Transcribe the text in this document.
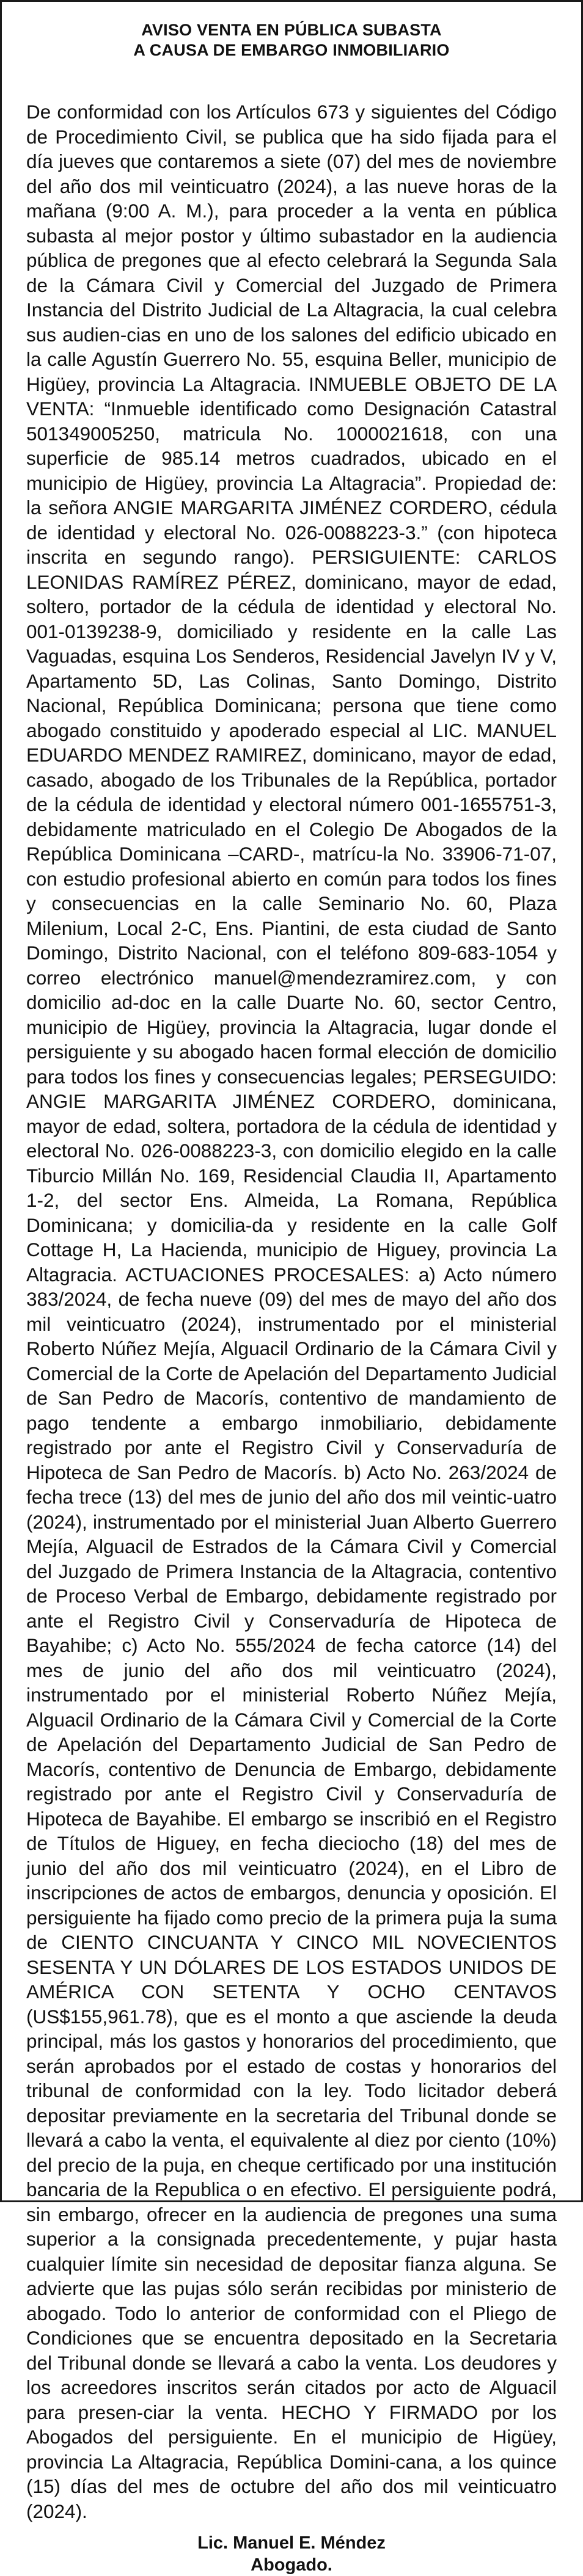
AVISO VENTA EN PÚBLICA SUBASTA
A CAUSA DE EMBARGO INMOBILIARIO

De conformidad con los Artículos 673 y siguientes del Código de Procedimiento Civil, se publica que ha sido fijada para el día jueves que contaremos a siete (07) del mes de noviembre del año dos mil veinticuatro (2024), a las nueve horas de la mañana (9:00 A. M.), para proceder a la venta en pública subasta al mejor postor y último subastador en la audiencia pública de pregones que al efecto celebrará la Segunda Sala de la Cámara Civil y Comercial del Juzgado de Primera Instancia del Distrito Judicial de La Altagracia, la cual celebra sus audien-cias en uno de los salones del edificio ubicado en la calle Agustín Guerrero No. 55, esquina Beller, municipio de Higüey, provincia La Altagracia. INMUEBLE OBJETO DE LA VENTA: “Inmueble identificado como Designación Catastral 501349005250, matricula No. 1000021618, con una superficie de 985.14 metros cuadrados, ubicado en el municipio de Higüey, provincia La Altagracia”. Propiedad de: la señora ANGIE MARGARITA JIMÉNEZ CORDERO, cédula de identidad y electoral No. 026-0088223-3.” (con hipoteca inscrita en segundo rango). PERSIGUIENTE: CARLOS LEONIDAS RAMÍREZ PÉREZ, dominicano, mayor de edad, soltero, portador de la cédula de identidad y electoral No. 001-0139238-9, domiciliado y residente en la calle Las Vaguadas, esquina Los Senderos, Residencial Javelyn IV y V, Apartamento 5D, Las Colinas, Santo Domingo, Distrito Nacional, República Dominicana; persona que tiene como abogado constituido y apoderado especial al LIC. MANUEL EDUARDO MENDEZ RAMIREZ, dominicano, mayor de edad, casado, abogado de los Tribunales de la República, portador de la cédula de identidad y electoral número 001-1655751-3, debidamente matriculado en el Colegio De Abogados de la República Dominicana –CARD-, matrícu-la No. 33906-71-07, con estudio profesional abierto en común para todos los fines y consecuencias en la calle Seminario No. 60, Plaza Milenium, Local 2-C, Ens. Piantini, de esta ciudad de Santo Domingo, Distrito Nacional, con el teléfono 809-683-1054 y correo electrónico manuel@mendezramirez.com, y con domicilio ad-doc en la calle Duarte No. 60, sector Centro, municipio de Higüey, provincia la Altagracia, lugar donde el persiguiente y su abogado hacen formal elección de domicilio para todos los fines y consecuencias legales; PERSEGUIDO: ANGIE MARGARITA JIMÉNEZ CORDERO, dominicana, mayor de edad, soltera, portadora de la cédula de identidad y electoral No. 026-0088223-3, con domicilio elegido en la calle Tiburcio Millán No. 169, Residencial Claudia II, Apartamento 1-2, del sector Ens. Almeida, La Romana, República Dominicana; y domicilia-da y residente en la calle Golf Cottage H, La Hacienda, municipio de Higuey, provincia La Altagracia. ACTUACIONES PROCESALES: a) Acto número 383/2024, de fecha nueve (09) del mes de mayo del año dos mil veinticuatro (2024), instrumentado por el ministerial Roberto Núñez Mejía, Alguacil Ordinario de la Cámara Civil y Comercial de la Corte de Apelación del Departamento Judicial de San Pedro de Macorís, contentivo de mandamiento de pago tendente a embargo inmobiliario, debidamente registrado por ante el Registro Civil y Conservaduría de Hipoteca de San Pedro de Macorís. b) Acto No. 263/2024 de fecha trece (13) del mes de junio del año dos mil veintic-uatro (2024), instrumentado por el ministerial Juan Alberto Guerrero Mejía, Alguacil de Estrados de la Cámara Civil y Comercial del Juzgado de Primera Instancia de la Altagracia, contentivo de Proceso Verbal de Embargo, debidamente registrado por ante el Registro Civil y Conservaduría de Hipoteca de Bayahibe; c) Acto No. 555/2024 de fecha catorce (14) del mes de junio del año dos mil veinticuatro (2024), instrumentado por el ministerial Roberto Núñez Mejía, Alguacil Ordinario de la Cámara Civil y Comercial de la Corte de Apelación del Departamento Judicial de San Pedro de Macorís, contentivo de Denuncia de Embargo, debidamente registrado por ante el Registro Civil y Conservaduría de Hipoteca de Bayahibe. El embargo se inscribió en el Registro de Títulos de Higuey, en fecha dieciocho (18) del mes de junio del año dos mil veinticuatro (2024), en el Libro de inscripciones de actos de embargos, denuncia y oposición. El persiguiente ha fijado como precio de la primera puja la suma de CIENTO CINCUANTA Y CINCO MIL NOVECIENTOS SESENTA Y UN DÓLARES DE LOS ESTADOS UNIDOS DE AMÉRICA CON SETENTA Y OCHO CENTAVOS (US$155,961.78), que es el monto a que asciende la deuda principal, más los gastos y honorarios del procedimiento, que serán aprobados por el estado de costas y honorarios del tribunal de conformidad con la ley. Todo licitador deberá depositar previamente en la secretaria del Tribunal donde se llevará a cabo la venta, el equivalente al diez por ciento (10%) del precio de la puja, en cheque certificado por una institución bancaria de la Republica o en efectivo. El persiguiente podrá, sin embargo, ofrecer en la audiencia de pregones una suma superior a la consignada precedentemente, y pujar hasta cualquier límite sin necesidad de depositar fianza alguna. Se advierte que las pujas sólo serán recibidas por ministerio de abogado. Todo lo anterior de conformidad con el Pliego de Condiciones que se encuentra depositado en la Secretaria del Tribunal donde se llevará a cabo la venta. Los deudores y los acreedores inscritos serán citados por acto de Alguacil para presen-ciar la venta. HECHO Y FIRMADO por los Abogados del persiguiente. En el municipio de Higüey, provincia La Altagracia, República Domini-cana, a los quince (15) días del mes de octubre del año dos mil veinticuatro (2024).

Lic. Manuel E. Méndez
Abogado.
